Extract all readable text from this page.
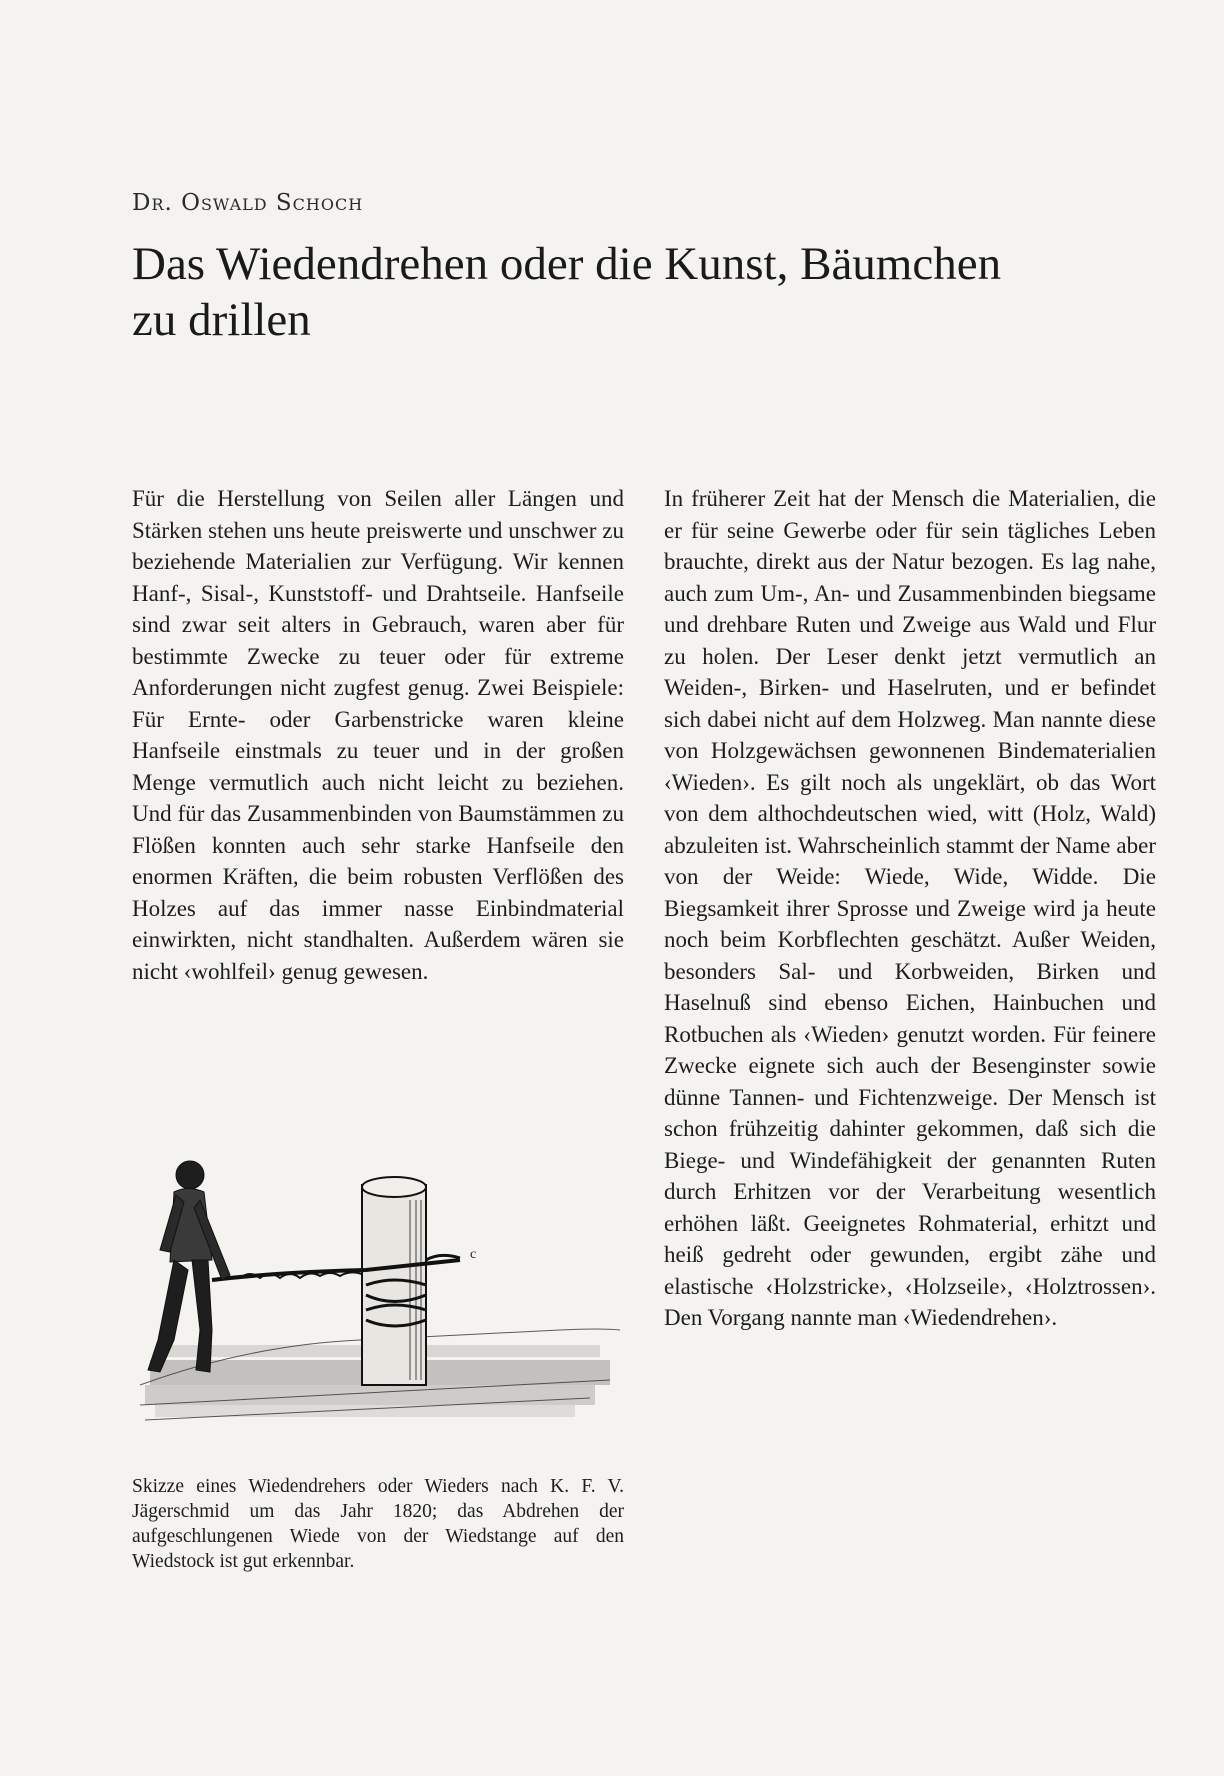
Dr. Oswald Schoch
Das Wiedendrehen oder die Kunst, Bäumchen zu drillen

Für die Herstellung von Seilen aller Längen und Stärken stehen uns heute preiswerte und unschwer zu beziehende Materialien zur Verfügung. Wir kennen Hanf-, Sisal-, Kunststoff- und Drahtseile. Hanfseile sind zwar seit alters in Gebrauch, waren aber für bestimmte Zwecke zu teuer oder für extreme Anforderungen nicht zugfest genug. Zwei Beispiele: Für Ernte- oder Garbenstricke waren kleine Hanfseile einstmals zu teuer und in der großen Menge vermutlich auch nicht leicht zu beziehen. Und für das Zusammenbinden von Baumstämmen zu Flößen konnten auch sehr starke Hanfseile den enormen Kräften, die beim robusten Verflößen des Holzes auf das immer nasse Einbindmaterial einwirkten, nicht standhalten. Außerdem wären sie nicht ‹wohlfeil› genug gewesen.

c

Skizze eines Wiedendrehers oder Wieders nach K. F. V. Jägerschmid um das Jahr 1820; das Abdrehen der aufgeschlungenen Wiede von der Wiedstange auf den Wiedstock ist gut erkennbar.

In früherer Zeit hat der Mensch die Materialien, die er für seine Gewerbe oder für sein tägliches Leben brauchte, direkt aus der Natur bezogen. Es lag nahe, auch zum Um-, An- und Zusammenbinden biegsame und drehbare Ruten und Zweige aus Wald und Flur zu holen. Der Leser denkt jetzt vermutlich an Weiden-, Birken- und Haselruten, und er befindet sich dabei nicht auf dem Holzweg. Man nannte diese von Holzgewächsen gewonnenen Bindematerialien ‹Wieden›. Es gilt noch als ungeklärt, ob das Wort von dem althochdeutschen wied, witt (Holz, Wald) abzuleiten ist. Wahrscheinlich stammt der Name aber von der Weide: Wiede, Wide, Widde. Die Biegsamkeit ihrer Sprosse und Zweige wird ja heute noch beim Korbflechten geschätzt. Außer Weiden, besonders Sal- und Korbweiden, Birken und Haselnuß sind ebenso Eichen, Hainbuchen und Rotbuchen als ‹Wieden› genutzt worden. Für feinere Zwecke eignete sich auch der Besenginster sowie dünne Tannen- und Fichtenzweige. Der Mensch ist schon frühzeitig dahinter gekommen, daß sich die Biege- und Windefähigkeit der genannten Ruten durch Erhitzen vor der Verarbeitung wesentlich erhöhen läßt. Geeignetes Rohmaterial, erhitzt und heiß gedreht oder gewunden, ergibt zähe und elastische ‹Holzstricke›, ‹Holzseile›, ‹Holztrossen›. Den Vorgang nannte man ‹Wiedendrehen›.
